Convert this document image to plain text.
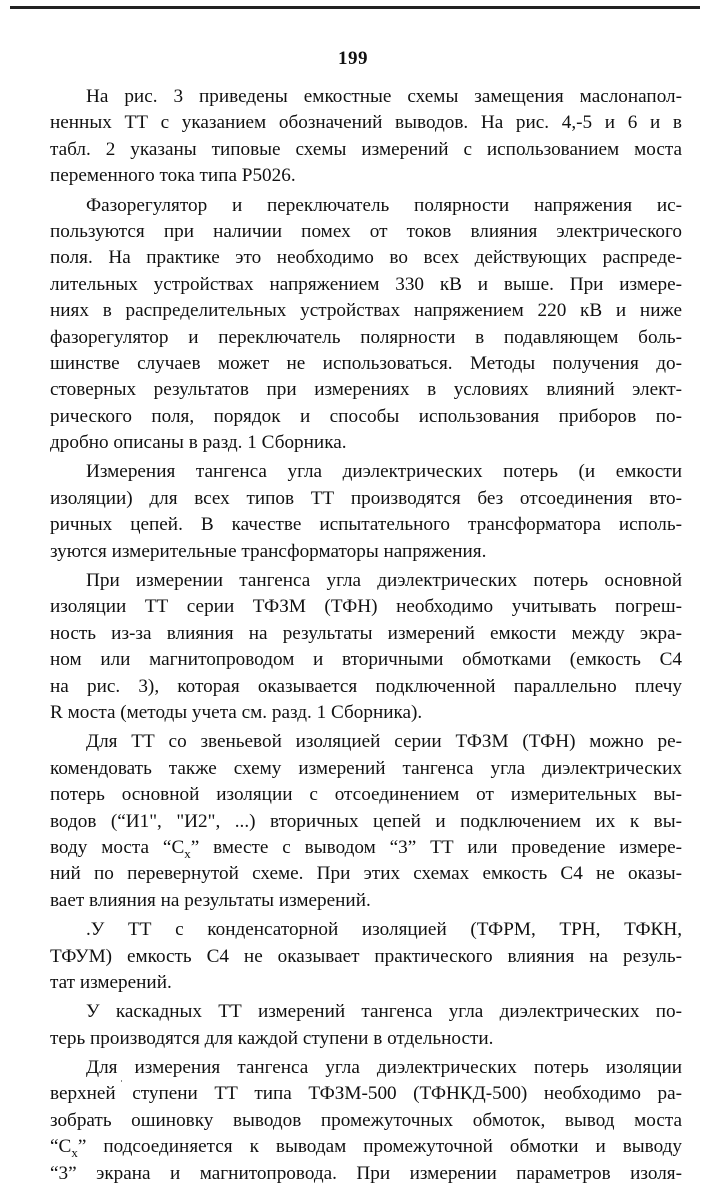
199
На рис. 3 приведены емкостные схемы замещения маслонапол-
ненных ТТ с указанием обозначений выводов. На рис. 4,-5 и 6 и в
табл. 2 указаны типовые схемы измерений с использованием моста
переменного тока типа Р5026.
Фазорегулятор и переключатель полярности напряжения ис-
пользуются при наличии помех от токов влияния электрического
поля. На практике это необходимо во всех действующих распреде-
лительных устройствах напряжением 330 кВ и выше. При измере-
ниях в распределительных устройствах напряжением 220 кВ и ниже
фазорегулятор и переключатель полярности в подавляющем боль-
шинстве случаев может не использоваться. Методы получения до-
стоверных результатов при измерениях в условиях влияний элект-
рического поля, порядок и способы использования приборов по-
дробно описаны в разд. 1 Сборника.
Измерения тангенса угла диэлектрических потерь (и емкости
изоляции) для всех типов ТТ производятся без отсоединения вто-
ричных цепей. В качестве испытательного трансформатора исполь-
зуются измерительные трансформаторы напряжения.
При измерении тангенса угла диэлектрических потерь основной
изоляции ТТ серии ТФЗМ (ТФН) необходимо учитывать погреш-
ность из-за влияния на результаты измерений емкости между экра-
ном или магнитопроводом и вторичными обмотками (емкость С4
на рис. 3), которая оказывается подключенной параллельно плечу
R моста (методы учета см. разд. 1 Сборника).
Для ТТ со звеньевой изоляцией серии ТФЗМ (ТФН) можно ре-
комендовать также схему измерений тангенса угла диэлектрических
потерь основной изоляции с отсоединением от измерительных вы-
водов (“И1", "И2", ...) вторичных цепей и подключением их к вы-
воду моста “$C_x$” вместе с выводом “3” ТТ или проведение измере-
ний по перевернутой схеме. При этих схемах емкость С4 не оказы-
вает влияния на результаты измерений.
.У ТТ с конденсаторной изоляцией (ТФРМ, ТРН, ТФКН,
ТФУМ) емкость С4 не оказывает практического влияния на резуль-
тат измерений.
У каскадных ТТ измерений тангенса угла диэлектрических по-
терь производятся для каждой ступени в отдельности.
Для измерения тангенса угла диэлектрических потерь изоляции
верхней ступени ТТ типа ТФЗМ-500 (ТФНКД-500) необходимо ра-
зобрать ошиновку выводов промежуточных обмоток, вывод моста
“$C_x$” подсоединяется к выводам промежуточной обмотки и выводу
“3” экрана и магнитопровода. При измерении параметров изоля-
